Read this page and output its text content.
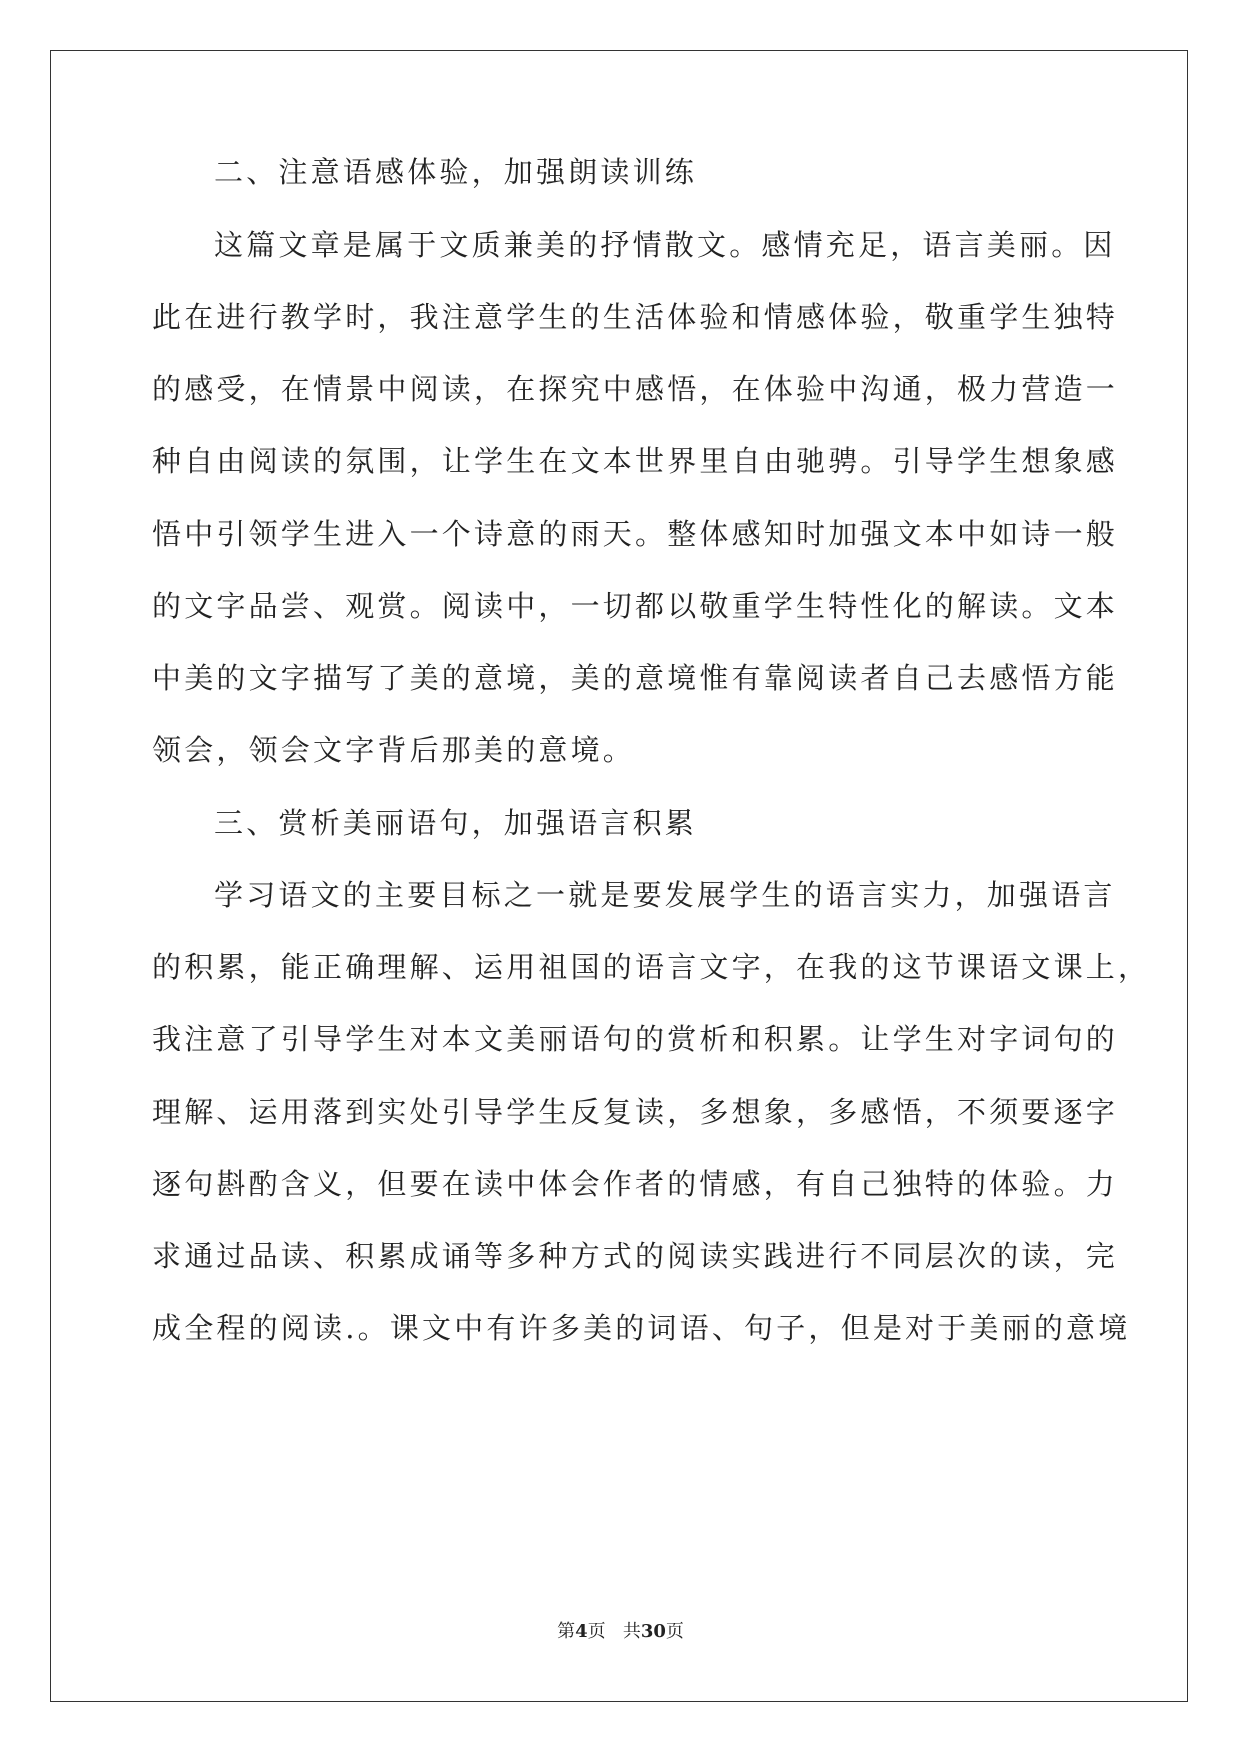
二、注意语感体验，加强朗读训练
这篇文章是属于文质兼美的抒情散文。感情充足，语言美丽。因
此在进行教学时，我注意学生的生活体验和情感体验，敬重学生独特
的感受，在情景中阅读，在探究中感悟，在体验中沟通，极力营造一
种自由阅读的氛围，让学生在文本世界里自由驰骋。引导学生想象感
悟中引领学生进入一个诗意的雨天。整体感知时加强文本中如诗一般
的文字品尝、观赏。阅读中，一切都以敬重学生特性化的解读。文本
中美的文字描写了美的意境，美的意境惟有靠阅读者自己去感悟方能
领会，领会文字背后那美的意境。
三、赏析美丽语句，加强语言积累
学习语文的主要目标之一就是要发展学生的语言实力，加强语言
的积累，能正确理解、运用祖国的语言文字，在我的这节课语文课上，
我注意了引导学生对本文美丽语句的赏析和积累。让学生对字词句的
理解、运用落到实处引导学生反复读，多想象，多感悟，不须要逐字
逐句斟酌含义，但要在读中体会作者的情感，有自己独特的体验。力
求通过品读、积累成诵等多种方式的阅读实践进行不同层次的读，完
成全程的阅读.。课文中有许多美的词语、句子，但是对于美丽的意境
第4页 共30页
